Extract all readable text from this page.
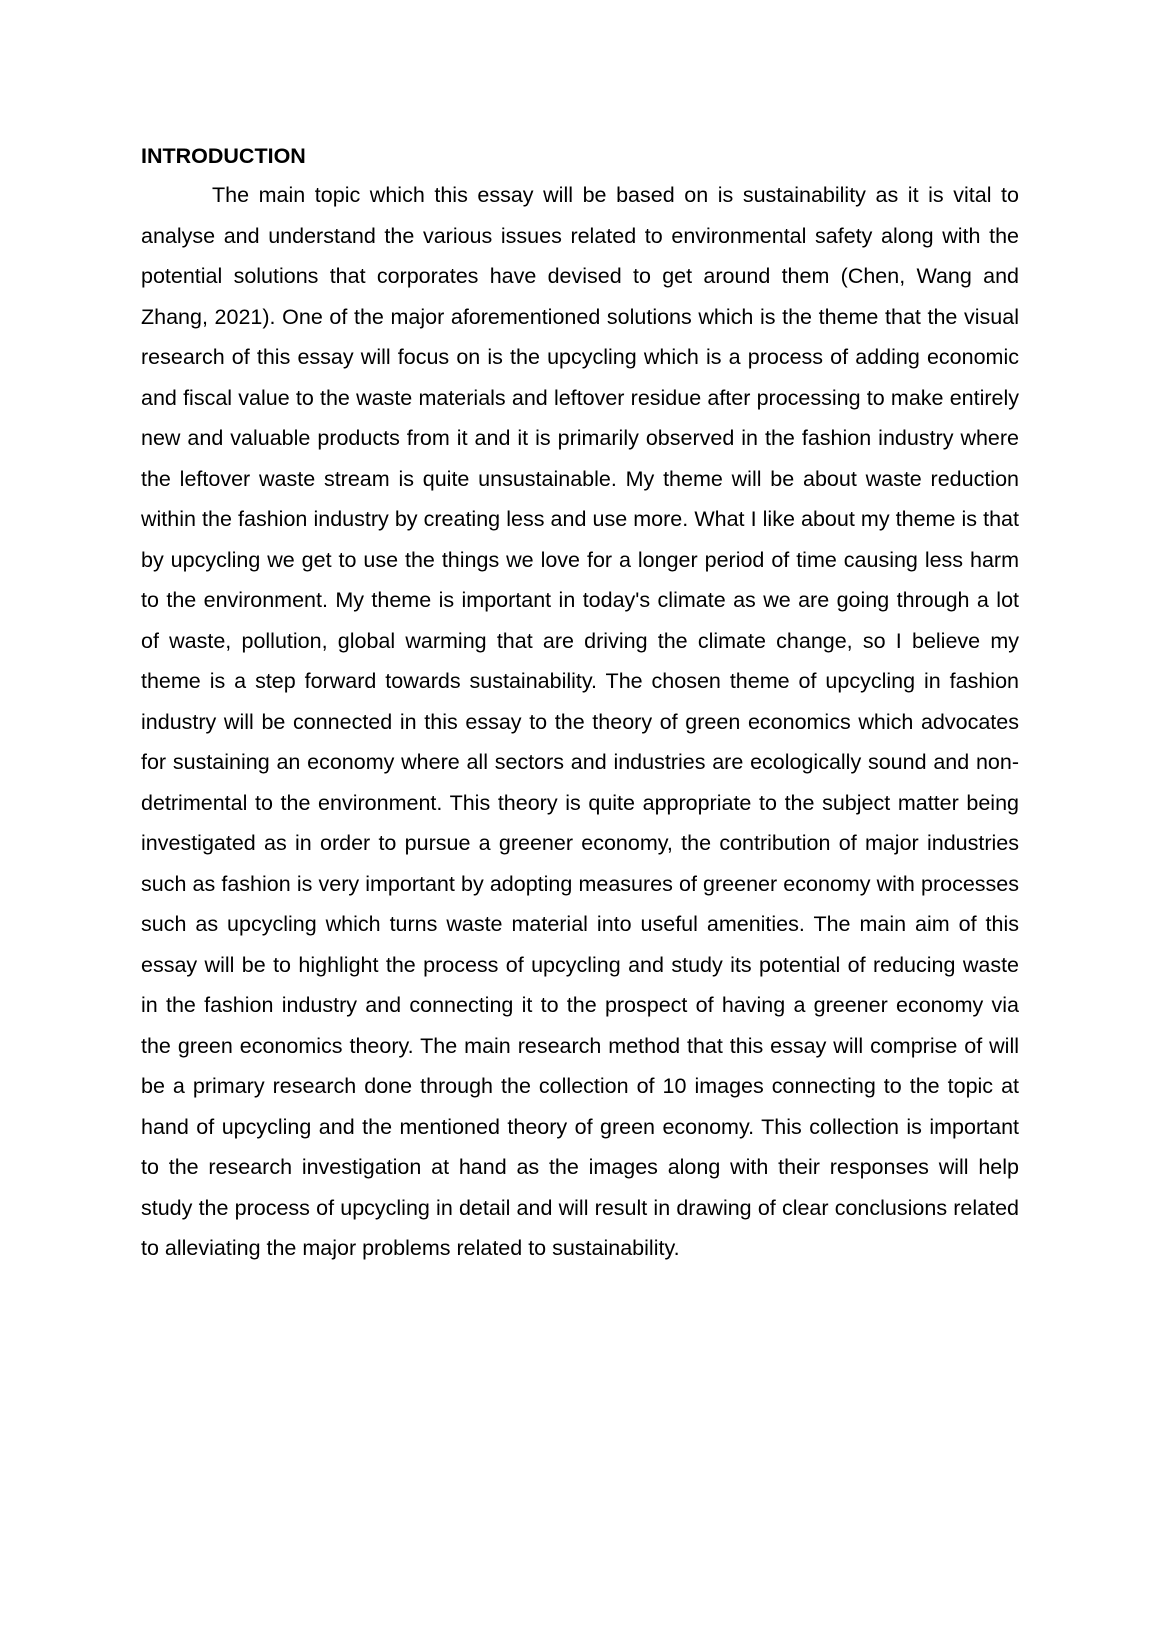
INTRODUCTION

The main topic which this essay will be based on is sustainability as it is vital to analyse and understand the various issues related to environmental safety along with the potential solutions that corporates have devised to get around them (Chen, Wang and Zhang, 2021). One of the major aforementioned solutions which is the theme that the visual research of this essay will focus on is the upcycling which is a process of adding economic and fiscal value to the waste materials and leftover residue after processing to make entirely new and valuable products from it and it is primarily observed in the fashion industry where the leftover waste stream is quite unsustainable. My theme will be about waste reduction within the fashion industry by creating less and use more. What I like about my theme is that by upcycling we get to use the things we love for a longer period of time causing less harm to the environment. My theme is important in today's climate as we are going through a lot of waste, pollution, global warming that are driving the climate change, so I believe my theme is a step forward towards sustainability. The chosen theme of upcycling in fashion industry will be connected in this essay to the theory of green economics which advocates for sustaining an economy where all sectors and industries are ecologically sound and non-detrimental to the environment. This theory is quite appropriate to the subject matter being investigated as in order to pursue a greener economy, the contribution of major industries such as fashion is very important by adopting measures of greener economy with processes such as upcycling which turns waste material into useful amenities. The main aim of this essay will be to highlight the process of upcycling and study its potential of reducing waste in the fashion industry and connecting it to the prospect of having a greener economy via the green economics theory. The main research method that this essay will comprise of will be a primary research done through the collection of 10 images connecting to the topic at hand of upcycling and the mentioned theory of green economy. This collection is important to the research investigation at hand as the images along with their responses will help study the process of upcycling in detail and will result in drawing of clear conclusions related to alleviating the major problems related to sustainability.
